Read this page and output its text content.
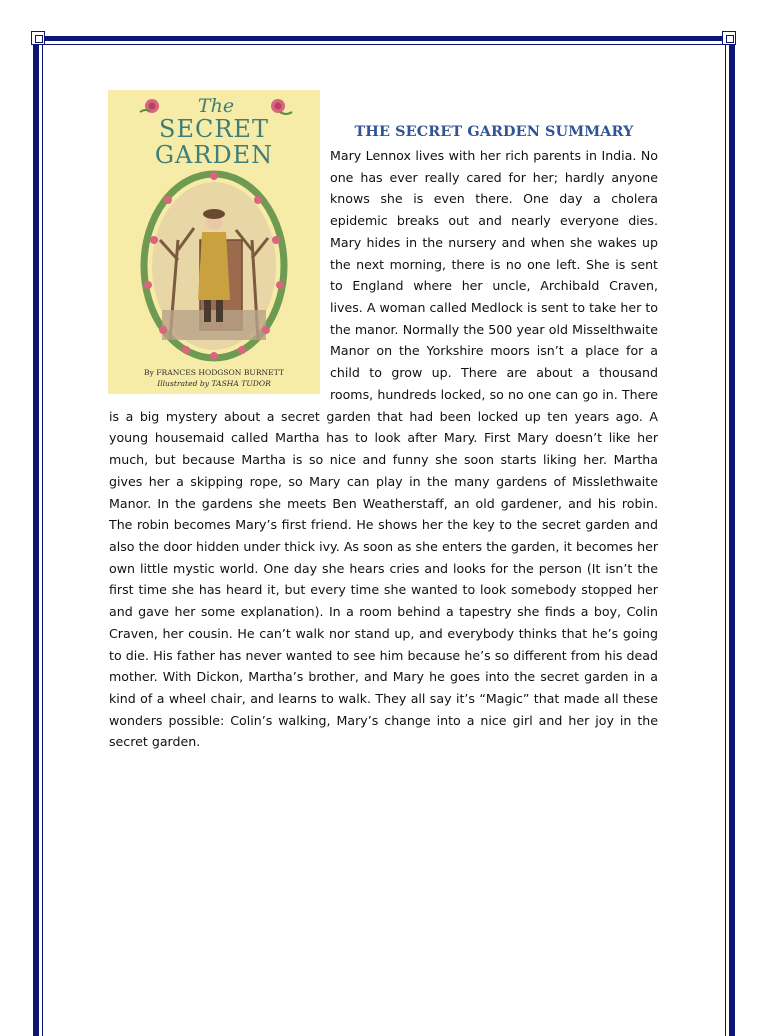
The
SECRET
GARDEN
By FRANCES HODGSON BURNETT
Illustrated by TASHA TUDOR
THE SECRET GARDEN SUMMARY

Mary Lennox lives with her rich parents in India. No one has ever really cared for her; hardly anyone knows she is even there. One day a cholera epidemic breaks out and nearly everyone dies. Mary hides in the nursery and when she wakes up the next morning, there is no one left. She is sent to England where her uncle, Archibald Craven, lives. A woman called Medlock is sent to take her to the manor. Normally the 500 year old Misselthwaite Manor on the Yorkshire moors isn’t a place for a child to grow up. There are about a thousand rooms, hundreds locked, so no one can go in. There is a big mystery about a secret garden that had been locked up ten years ago. A young housemaid called Martha has to look after Mary. First Mary doesn’t like her much, but because Martha is so nice and funny she soon starts liking her. Martha gives her a skipping rope, so Mary can play in the many gardens of Misslethwaite Manor. In the gardens she meets Ben Weatherstaff, an old gardener, and his robin. The robin becomes Mary’s first friend. He shows her the key to the secret garden and also the door hidden under thick ivy. As soon as she enters the garden, it becomes her own little mystic world. One day she hears cries and looks for the person (It isn’t the first time she has heard it, but every time she wanted to look somebody stopped her and gave her some explanation). In a room behind a tapestry she finds a boy, Colin Craven, her cousin. He can’t walk nor stand up, and everybody thinks that he’s going to die. His father has never wanted to see him because he’s so different from his dead mother. With Dickon, Martha’s brother, and Mary he goes into the secret garden in a kind of a wheel chair, and learns to walk. They all say it’s “Magic” that made all these wonders possible: Colin’s walking, Mary’s change into a nice girl and her joy in the secret garden.
